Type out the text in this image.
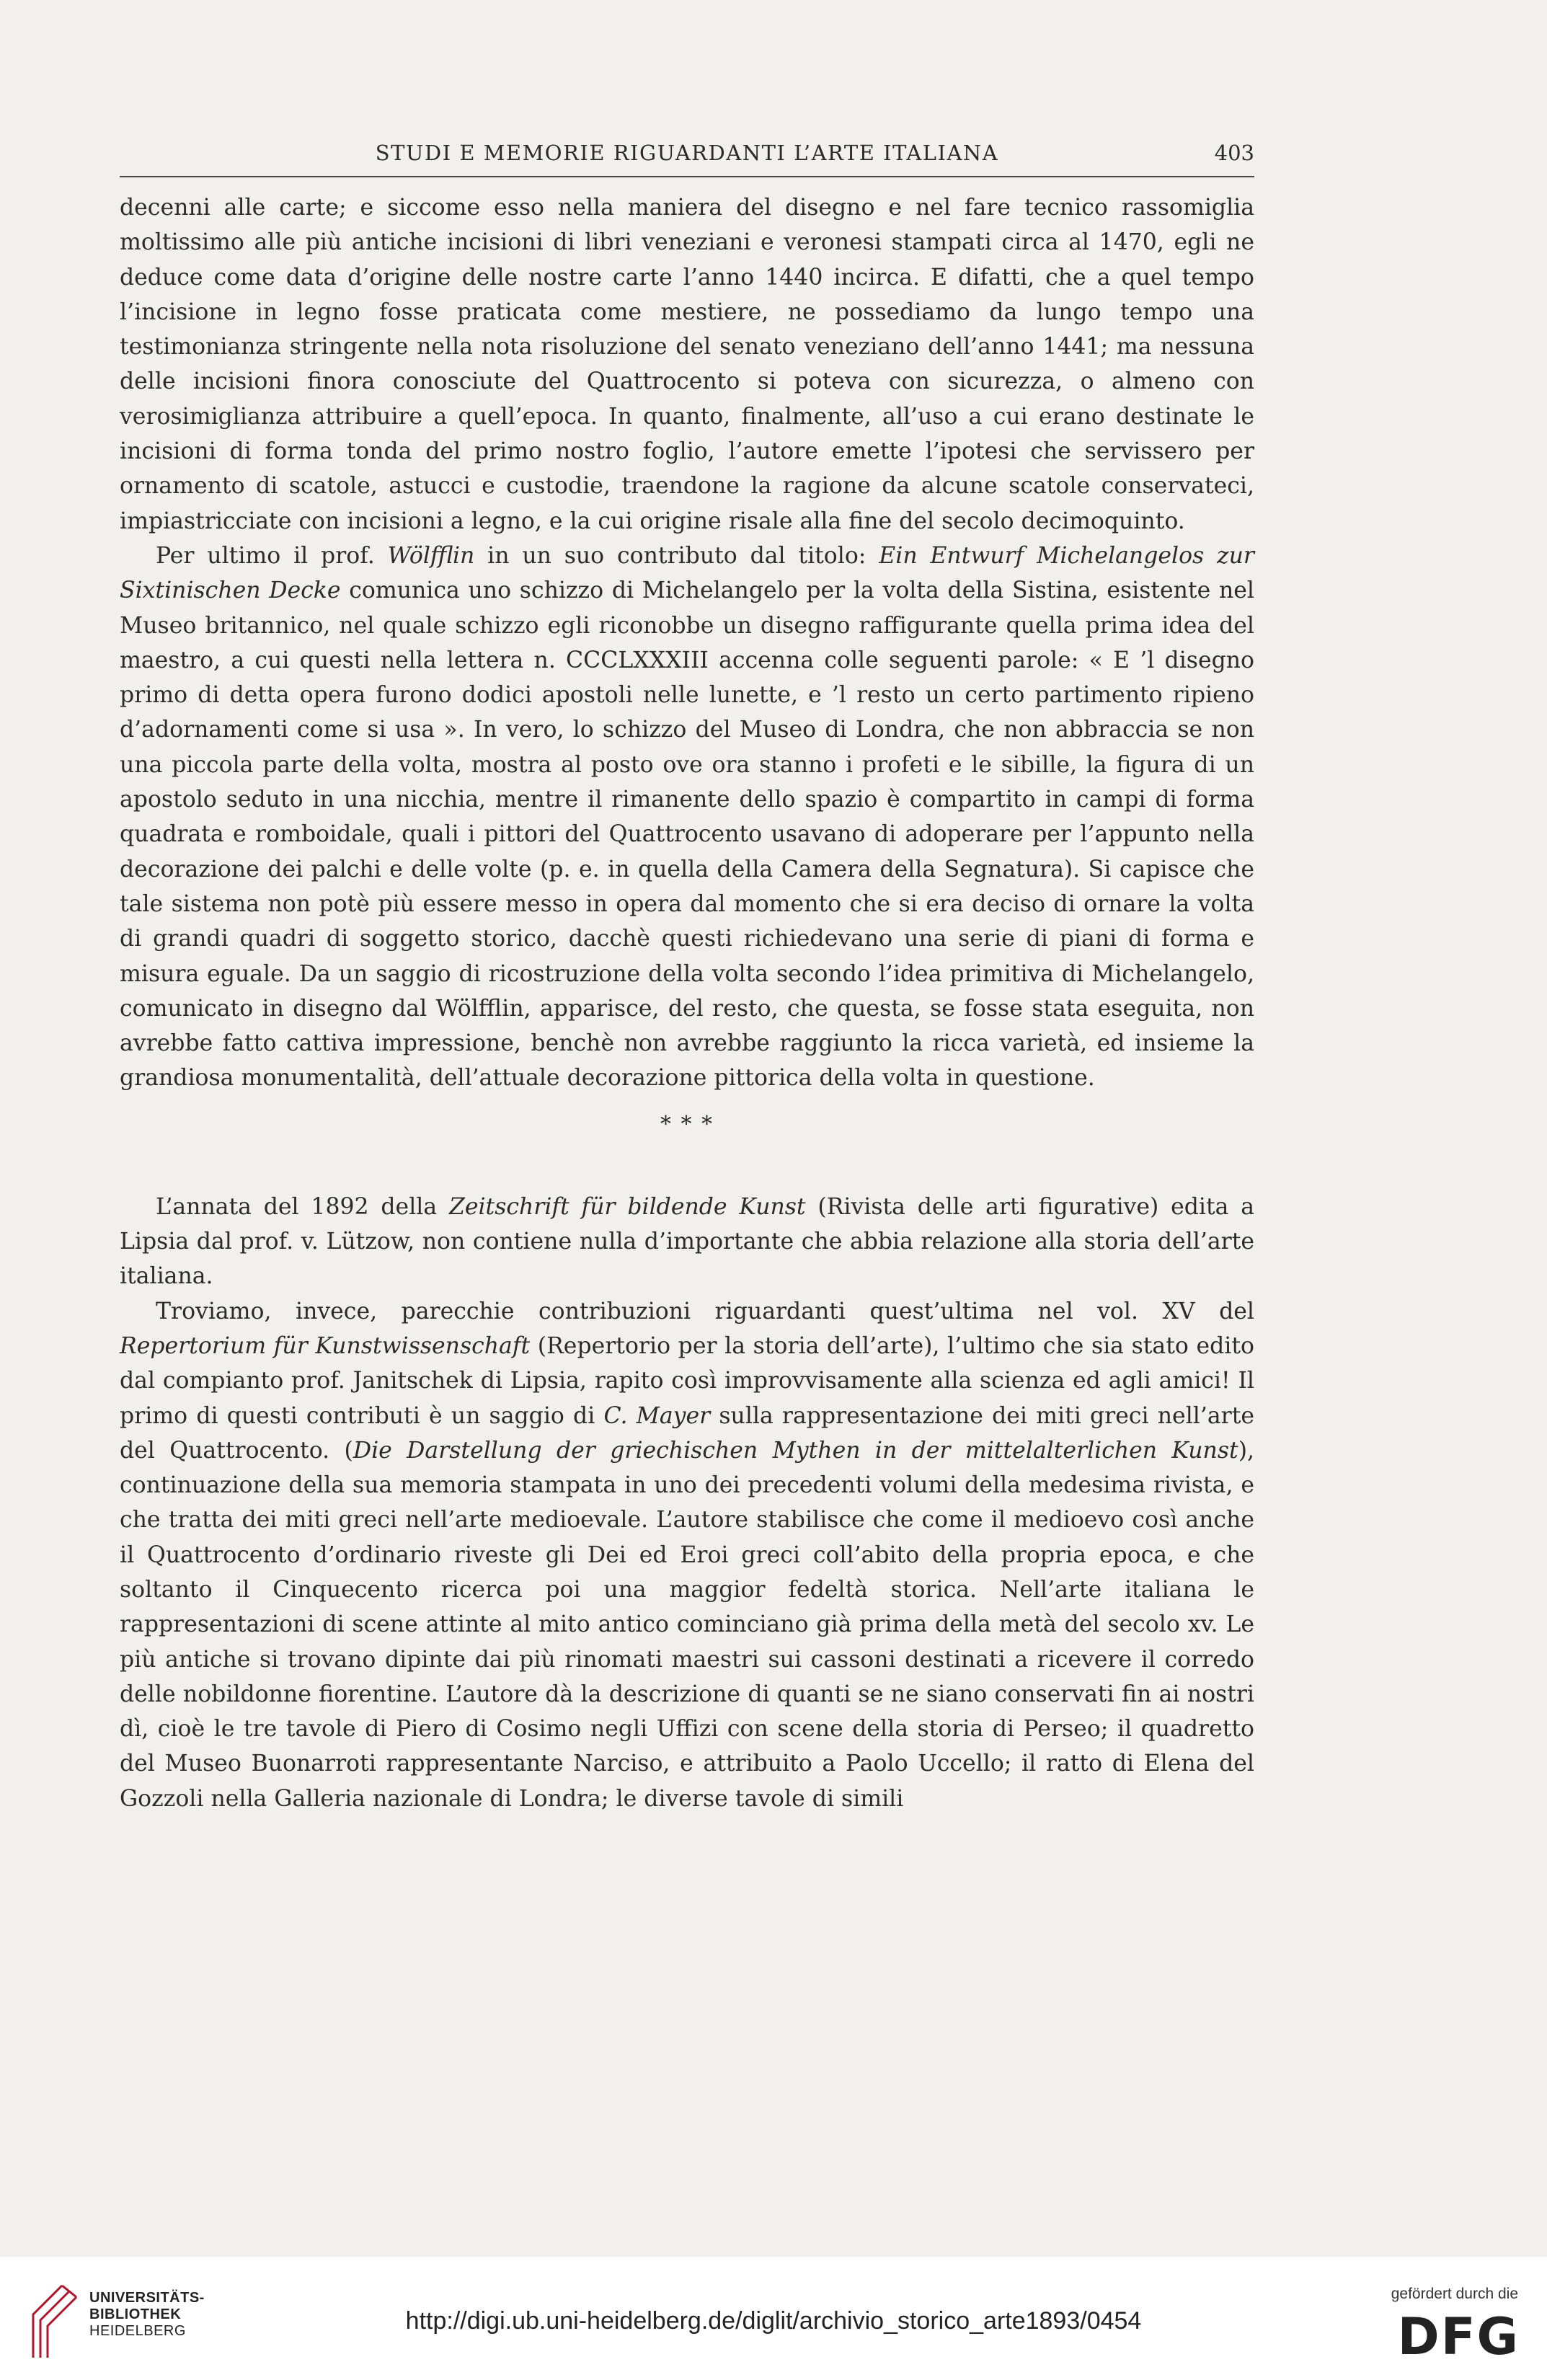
STUDI E MEMORIE RIGUARDANTI L’ARTE ITALIANA	403

decenni alle carte; e siccome esso nella maniera del disegno e nel fare tecnico rassomiglia moltissimo alle più antiche incisioni di libri veneziani e veronesi stampati circa al 1470, egli ne deduce come data d’origine delle nostre carte l’anno 1440 incirca. E difatti, che a quel tempo l’incisione in legno fosse praticata come mestiere, ne possediamo da lungo tempo una testimonianza stringente nella nota risoluzione del senato veneziano dell’anno 1441; ma nessuna delle incisioni finora conosciute del Quattrocento si poteva con sicurezza, o almeno con verosimiglianza attribuire a quell’epoca. In quanto, finalmente, all’uso a cui erano destinate le incisioni di forma tonda del primo nostro foglio, l’autore emette l’ipotesi che servissero per ornamento di scatole, astucci e custodie, traendone la ragione da alcune scatole conservateci, impiastricciate con incisioni a legno, e la cui origine risale alla fine del secolo decimoquinto.

Per ultimo il prof. Wölfflin in un suo contributo dal titolo: Ein Entwurf Michelangelos zur Sixtinischen Decke comunica uno schizzo di Michelangelo per la volta della Sistina, esistente nel Museo britannico, nel quale schizzo egli riconobbe un disegno raffigurante quella prima idea del maestro, a cui questi nella lettera n. CCCLXXXIII accenna colle seguenti parole: « E ’l disegno primo di detta opera furono dodici apostoli nelle lunette, e ’l resto un certo partimento ripieno d’adornamenti come si usa ». In vero, lo schizzo del Museo di Londra, che non abbraccia se non una piccola parte della volta, mostra al posto ove ora stanno i profeti e le sibille, la figura di un apostolo seduto in una nicchia, mentre il rimanente dello spazio è compartito in campi di forma quadrata e romboidale, quali i pittori del Quattrocento usavano di adoperare per l’appunto nella decorazione dei palchi e delle volte (p. e. in quella della Camera della Segnatura). Si capisce che tale sistema non potè più essere messo in opera dal momento che si era deciso di ornare la volta di grandi quadri di soggetto storico, dacchè questi richiedevano una serie di piani di forma e misura eguale. Da un saggio di ricostruzione della volta secondo l’idea primitiva di Michelangelo, comunicato in disegno dal Wölfflin, apparisce, del resto, che questa, se fosse stata eseguita, non avrebbe fatto cattiva impressione, benchè non avrebbe raggiunto la ricca varietà, ed insieme la grandiosa monumentalità, dell’attuale decorazione pittorica della volta in questione.

* * *

L’annata del 1892 della Zeitschrift für bildende Kunst (Rivista delle arti figurative) edita a Lipsia dal prof. v. Lützow, non contiene nulla d’importante che abbia relazione alla storia dell’arte italiana.

Troviamo, invece, parecchie contribuzioni riguardanti quest’ultima nel vol. XV del Repertorium für Kunstwissenschaft (Repertorio per la storia dell’arte), l’ultimo che sia stato edito dal compianto prof. Janitschek di Lipsia, rapito così improvvisamente alla scienza ed agli amici! Il primo di questi contributi è un saggio di C. Mayer sulla rappresentazione dei miti greci nell’arte del Quattrocento. (Die Darstellung der griechischen Mythen in der mittelalterlichen Kunst), continuazione della sua memoria stampata in uno dei precedenti volumi della medesima rivista, e che tratta dei miti greci nell’arte medioevale. L’autore stabilisce che come il medioevo così anche il Quattrocento d’ordinario riveste gli Dei ed Eroi greci coll’abito della propria epoca, e che soltanto il Cinquecento ricerca poi una maggior fedeltà storica. Nell’arte italiana le rappresentazioni di scene attinte al mito antico cominciano già prima della metà del secolo xv. Le più antiche si trovano dipinte dai più rinomati maestri sui cassoni destinati a ricevere il corredo delle nobildonne fiorentine. L’autore dà la descrizione di quanti se ne siano conservati fin ai nostri dì, cioè le tre tavole di Piero di Cosimo negli Uffizi con scene della storia di Perseo; il quadretto del Museo Buonarroti rappresentante Narciso, e attribuito a Paolo Uccello; il ratto di Elena del Gozzoli nella Galleria nazionale di Londra; le diverse tavole di simili

UNIVERSITÄTS-
BIBLIOTHEK
HEIDELBERG	http://digi.ub.uni-heidelberg.de/diglit/archivio_storico_arte1893/0454
gefördert durch die
DFG
